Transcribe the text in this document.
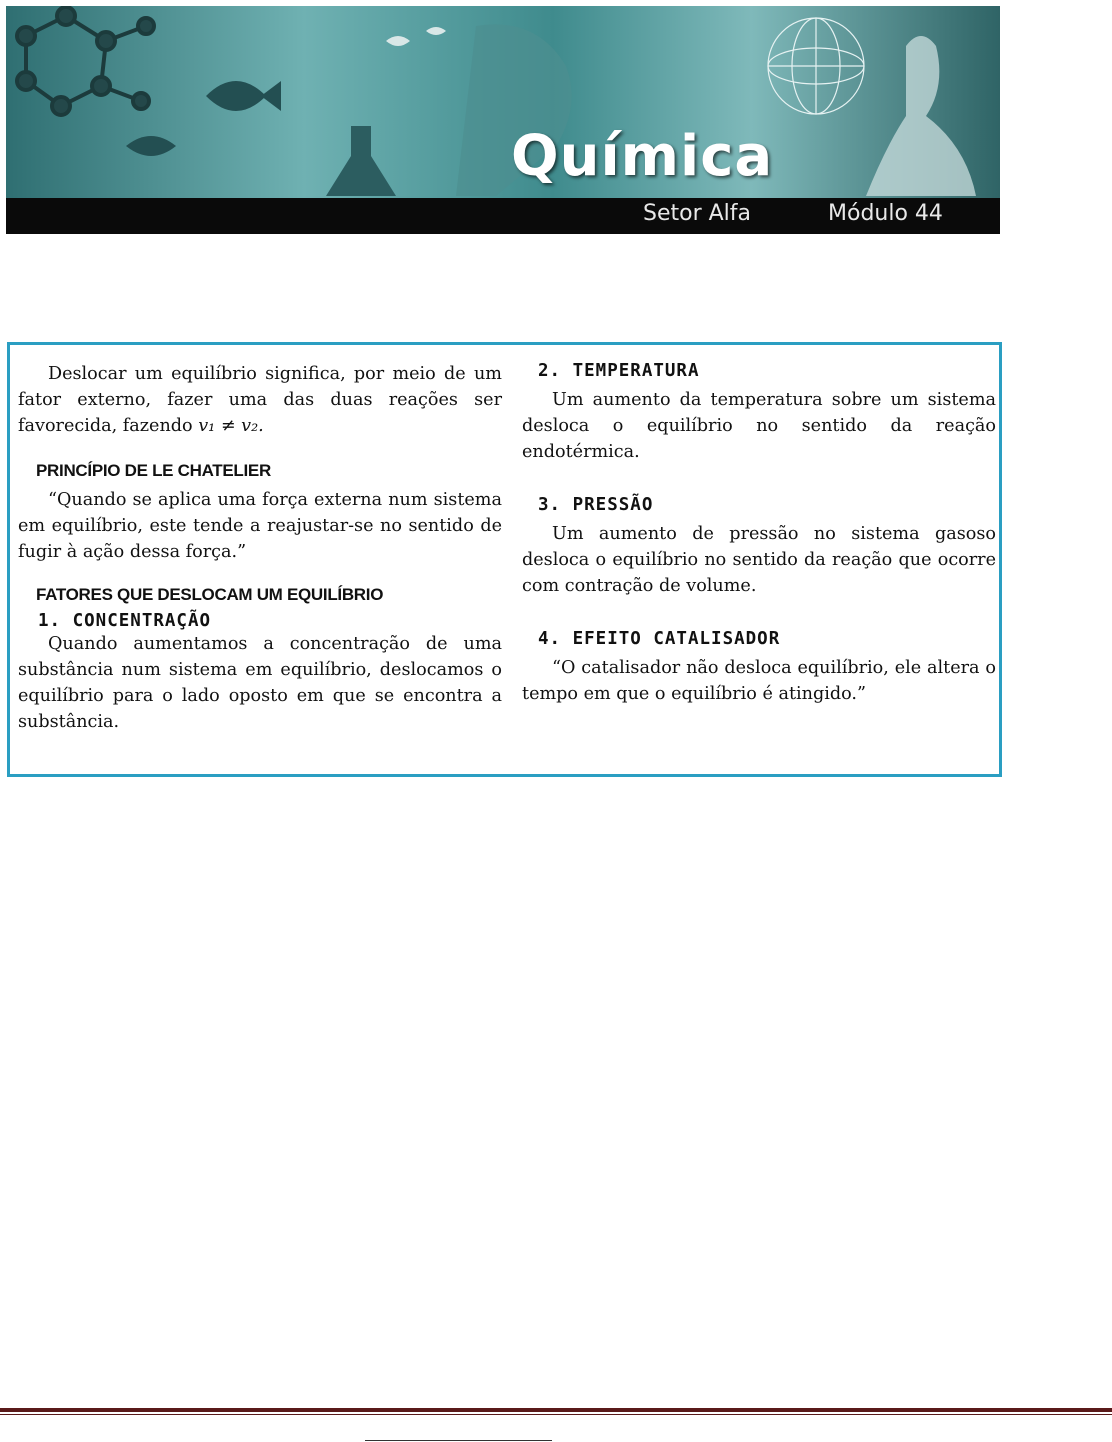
Química
Setor Alfa	Módulo 44

Deslocar um equilíbrio significa, por meio de um fator externo, fazer uma das duas reações ser favorecida, fazendo v₁ ≠ v₂.

PRINCÍPIO DE LE CHATELIER

“Quando se aplica uma força externa num sistema em equilíbrio, este tende a reajustar-se no sentido de fugir à ação dessa força.”

FATORES QUE DESLOCAM UM EQUILÍBRIO

1. CONCENTRAÇÃO

Quando aumentamos a concentração de uma substância num sistema em equilíbrio, deslocamos o equilíbrio para o lado oposto em que se encontra a substância.

2. TEMPERATURA

Um aumento da temperatura sobre um sistema desloca o equilíbrio no sentido da reação endotérmica.

3. PRESSÃO

Um aumento de pressão no sistema gasoso desloca o equilíbrio no sentido da reação que ocorre com contração de volume.

4. EFEITO CATALISADOR

“O catalisador não desloca equilíbrio, ele altera o tempo em que o equilíbrio é atingido.”
